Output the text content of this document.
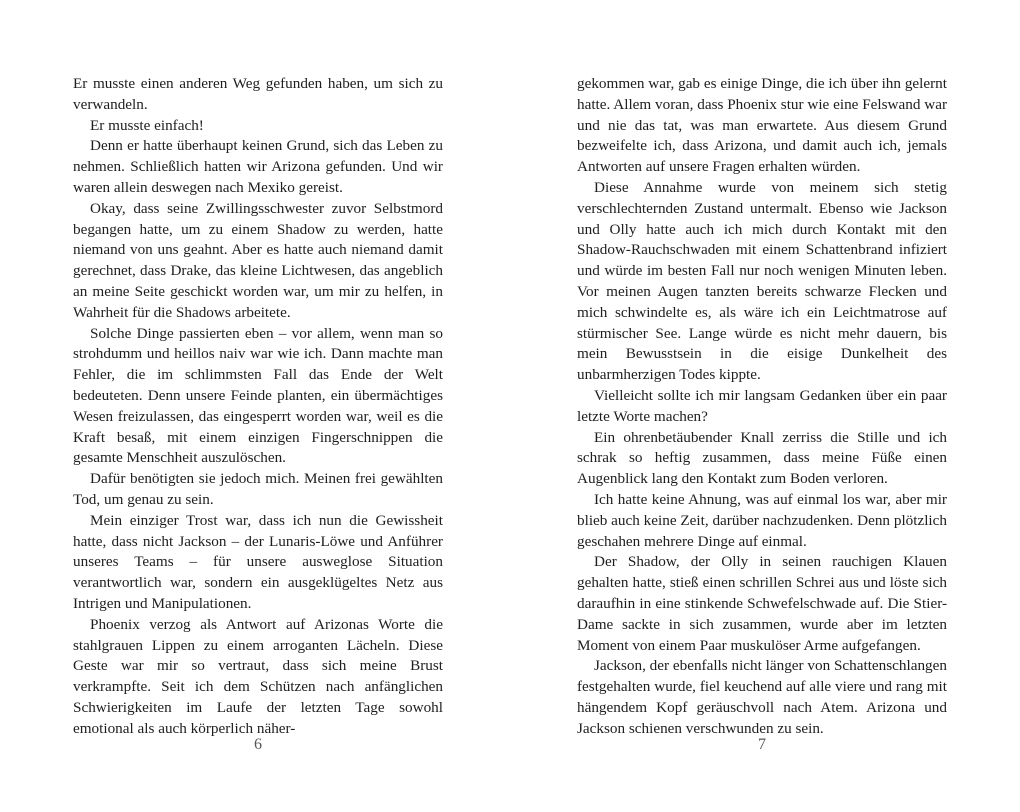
Er musste einen anderen Weg gefunden haben, um sich zu verwandeln.

Er musste einfach!

Denn er hatte überhaupt keinen Grund, sich das Leben zu nehmen. Schließlich hatten wir Arizona gefunden. Und wir waren allein deswegen nach Mexiko gereist.

Okay, dass seine Zwillingsschwester zuvor Selbstmord begangen hatte, um zu einem Shadow zu werden, hatte niemand von uns geahnt. Aber es hatte auch niemand damit gerechnet, dass Drake, das kleine Lichtwesen, das angeblich an meine Seite geschickt worden war, um mir zu helfen, in Wahrheit für die Shadows arbeitete.

Solche Dinge passierten eben – vor allem, wenn man so strohdumm und heillos naiv war wie ich. Dann machte man Fehler, die im schlimmsten Fall das Ende der Welt bedeuteten. Denn unsere Feinde planten, ein übermächtiges Wesen freizulassen, das eingesperrt worden war, weil es die Kraft besaß, mit einem einzigen Fingerschnippen die gesamte Menschheit auszulöschen.

Dafür benötigten sie jedoch mich. Meinen frei gewählten Tod, um genau zu sein.

Mein einziger Trost war, dass ich nun die Gewissheit hatte, dass nicht Jackson – der Lunaris-Löwe und Anführer unseres Teams – für unsere ausweglose Situation verantwortlich war, sondern ein ausgeklügeltes Netz aus Intrigen und Manipulationen.

Phoenix verzog als Antwort auf Arizonas Worte die stahlgrauen Lippen zu einem arroganten Lächeln. Diese Geste war mir so vertraut, dass sich meine Brust verkrampfte. Seit ich dem Schützen nach anfänglichen Schwierigkeiten im Laufe der letzten Tage sowohl emotional als auch körperlich näher-

6

gekommen war, gab es einige Dinge, die ich über ihn gelernt hatte. Allem voran, dass Phoenix stur wie eine Felswand war und nie das tat, was man erwartete. Aus diesem Grund bezweifelte ich, dass Arizona, und damit auch ich, jemals Antworten auf unsere Fragen erhalten würden.

Diese Annahme wurde von meinem sich stetig verschlechternden Zustand untermalt. Ebenso wie Jackson und Olly hatte auch ich mich durch Kontakt mit den Shadow-Rauchschwaden mit einem Schattenbrand infiziert und würde im besten Fall nur noch wenigen Minuten leben. Vor meinen Augen tanzten bereits schwarze Flecken und mich schwindelte es, als wäre ich ein Leichtmatrose auf stürmischer See. Lange würde es nicht mehr dauern, bis mein Bewusstsein in die eisige Dunkelheit des unbarmherzigen Todes kippte.

Vielleicht sollte ich mir langsam Gedanken über ein paar letzte Worte machen?

Ein ohrenbetäubender Knall zerriss die Stille und ich schrak so heftig zusammen, dass meine Füße einen Augenblick lang den Kontakt zum Boden verloren.

Ich hatte keine Ahnung, was auf einmal los war, aber mir blieb auch keine Zeit, darüber nachzudenken. Denn plötzlich geschahen mehrere Dinge auf einmal.

Der Shadow, der Olly in seinen rauchigen Klauen gehalten hatte, stieß einen schrillen Schrei aus und löste sich daraufhin in eine stinkende Schwefelschwade auf. Die Stier-Dame sackte in sich zusammen, wurde aber im letzten Moment von einem Paar muskulöser Arme aufgefangen.

Jackson, der ebenfalls nicht länger von Schattenschlangen festgehalten wurde, fiel keuchend auf alle viere und rang mit hängendem Kopf geräuschvoll nach Atem. Arizona und Jackson schienen verschwunden zu sein.

7
